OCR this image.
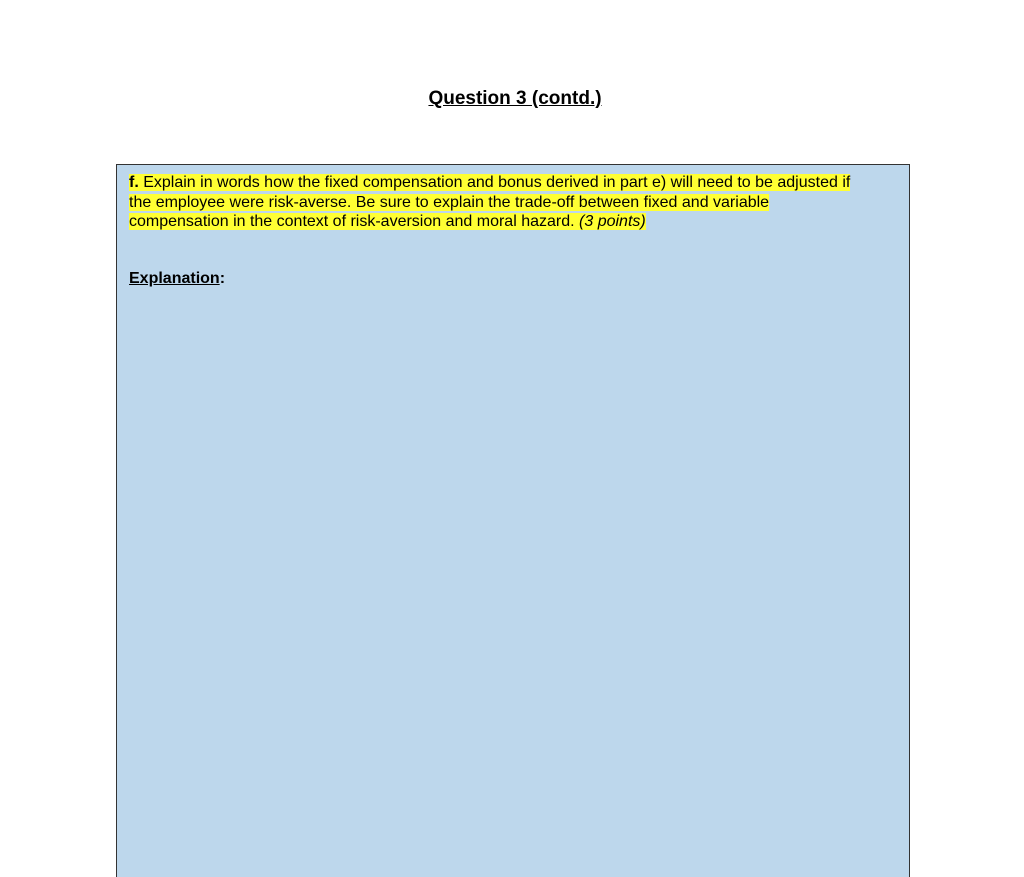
Question 3 (contd.)
f. Explain in words how the fixed compensation and bonus derived in part e) will need to be adjusted if
the employee were risk-averse. Be sure to explain the trade-off between fixed and variable
compensation in the context of risk-aversion and moral hazard. (3 points)
Explanation:
